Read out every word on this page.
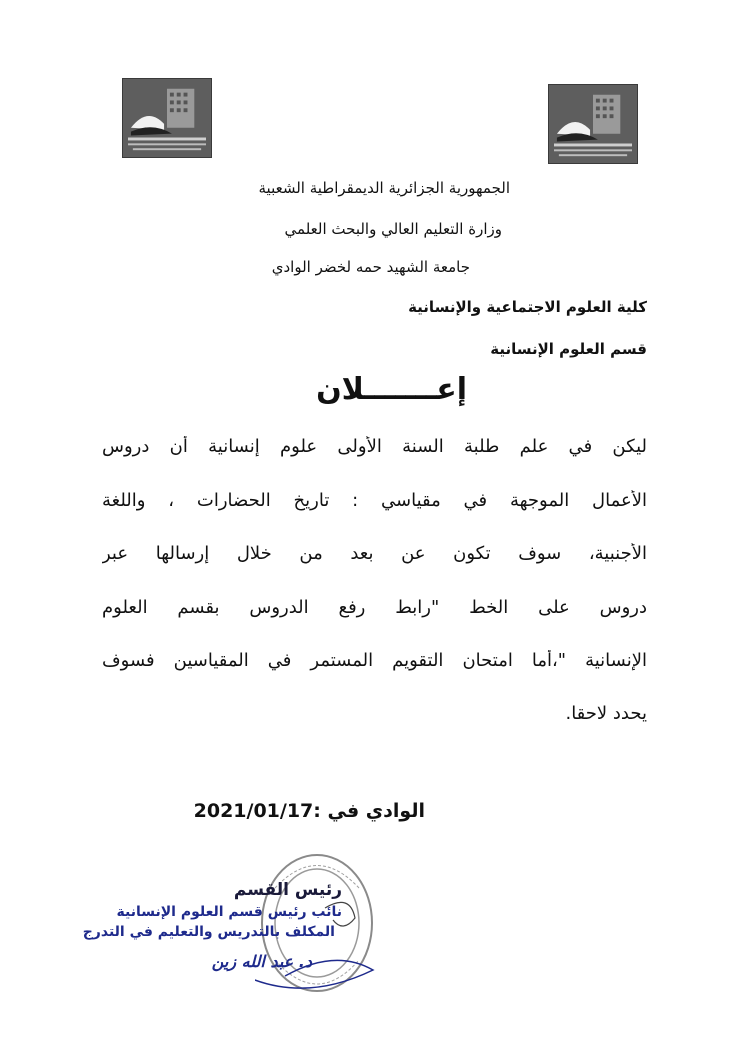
الجمهورية الجزائرية الديمقراطية الشعبية
وزارة التعليم العالي والبحث العلمي
جامعة الشهيد حمه لخضر الوادي
كلية العلوم الاجتماعية والإنسانية
قسم العلوم الإنسانية
إعـــــــلان
ليكن في علم طلبة السنة الأولى علوم إنسانية أن دروس
الأعمال الموجهة في مقياسي : تاريخ الحضارات ، واللغة
الأجنبية، سوف تكون عن بعد من خلال إرسالها عبر
دروس على الخط "رابط رفع الدروس بقسم العلوم
الإنسانية "،أما امتحان التقويم المستمر في المقياسين فسوف
يحدد لاحقا.
الوادي في :2021/01/17
رئيس القسم
نائب رئيس قسم العلوم الإنسانية
المكلف بالتدريس والتعليم في التدرج
د. عبد الله زين
